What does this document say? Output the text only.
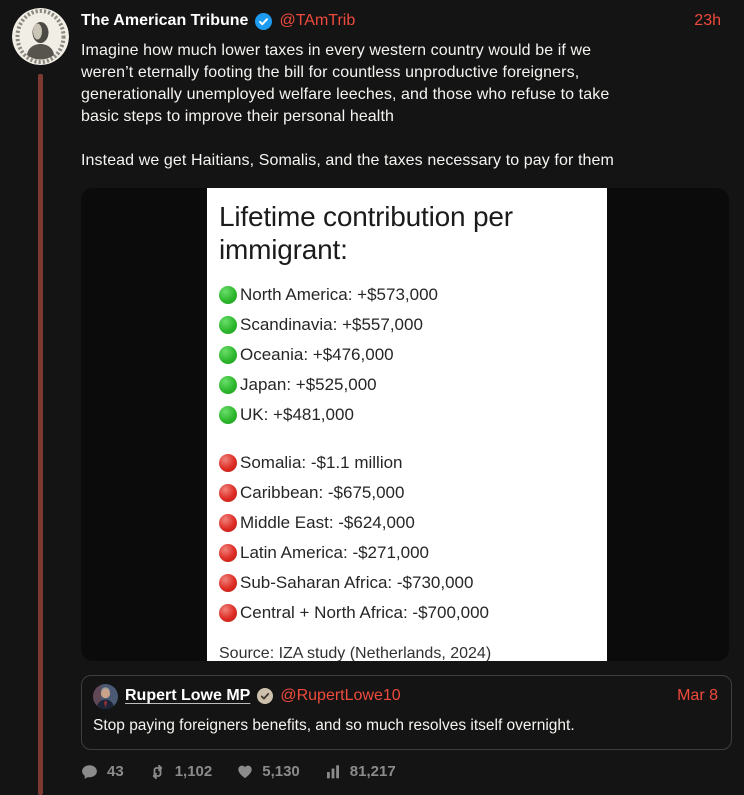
The American Tribune @TAmTrib	23h
Imagine how much lower taxes in every western country would be if we
weren’t eternally footing the bill for countless unproductive foreigners,
generationally unemployed welfare leeches, and those who refuse to take
basic steps to improve their personal health
Instead we get Haitians, Somalis, and the taxes necessary to pay for them
Lifetime contribution per
immigrant:
North America: +$573,000
Scandinavia: +$557,000
Oceania: +$476,000
Japan: +$525,000
UK: +$481,000
Somalia: -$1.1 million
Caribbean: -$675,000
Middle East: -$624,000
Latin America: -$271,000
Sub-Saharan Africa: -$730,000
Central + North Africa: -$700,000
Source: IZA study (Netherlands, 2024)
Rupert Lowe MP @RupertLowe10	Mar 8
Stop paying foreigners benefits, and so much resolves itself overnight.
43	1,102	5,130	81,217
